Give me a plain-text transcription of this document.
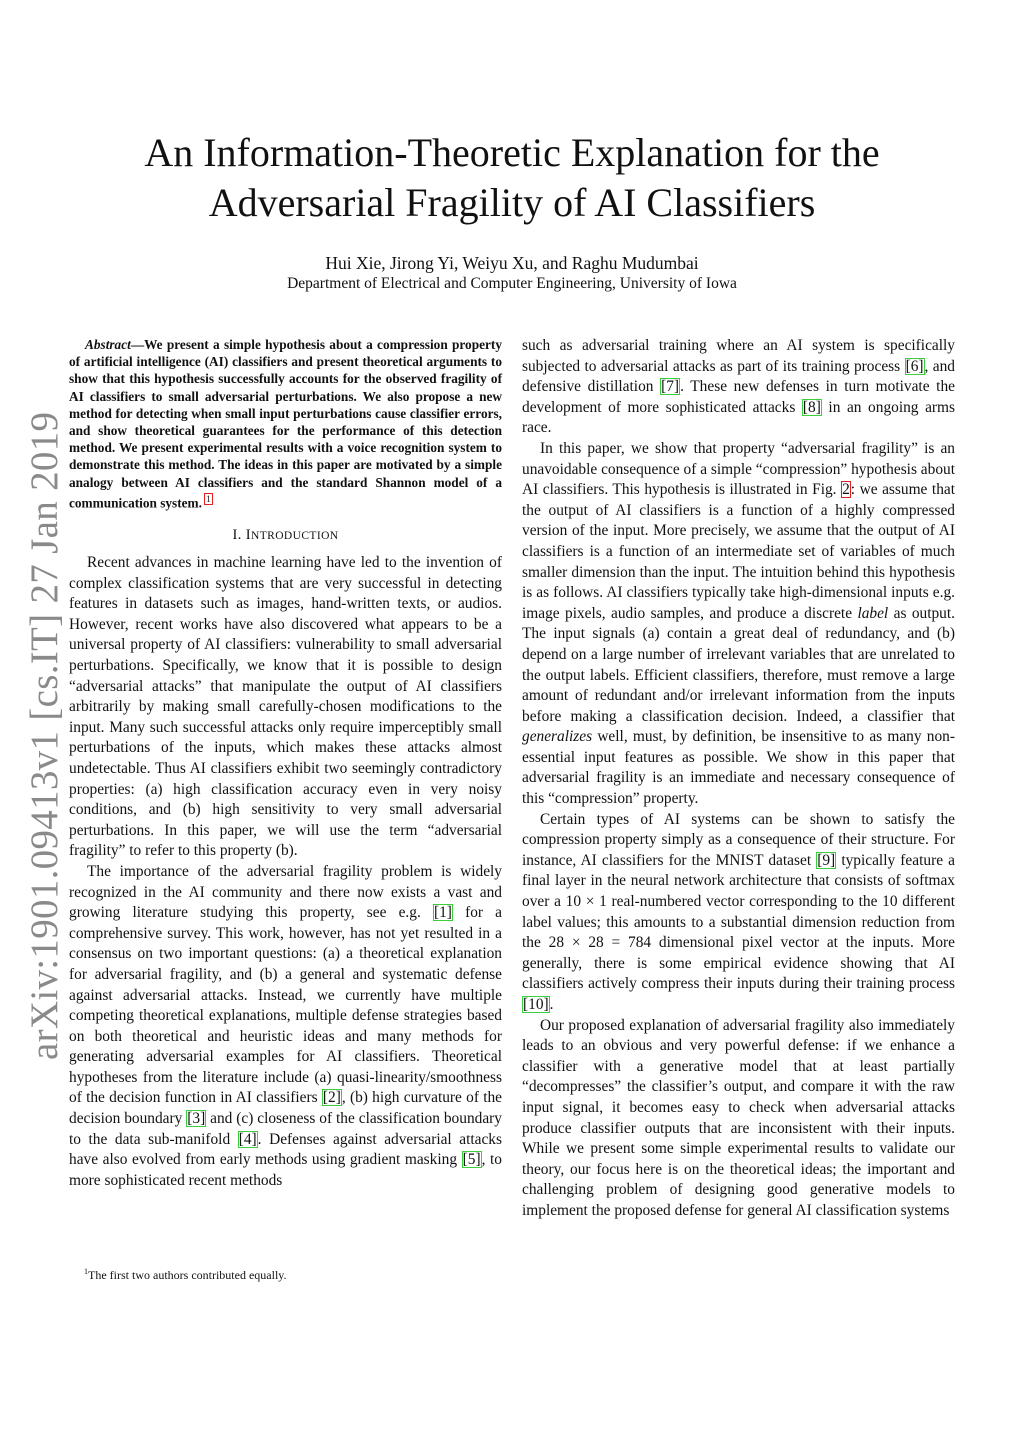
arXiv:1901.09413v1 [cs.IT] 27 Jan 2019
An Information-Theoretic Explanation for the
Adversarial Fragility of AI Classifiers
Hui Xie, Jirong Yi, Weiyu Xu, and Raghu Mudumbai
Department of Electrical and Computer Engineering, University of Iowa

Abstract—We present a simple hypothesis about a compression property of artificial intelligence (AI) classifiers and present theoretical arguments to show that this hypothesis successfully accounts for the observed fragility of AI classifiers to small adversarial perturbations. We also propose a new method for detecting when small input perturbations cause classifier errors, and show theoretical guarantees for the performance of this detection method. We present experimental results with a voice recognition system to demonstrate this method. The ideas in this paper are motivated by a simple analogy between AI classifiers and the standard Shannon model of a communication system. $^1$

I. INTRODUCTION

Recent advances in machine learning have led to the invention of complex classification systems that are very successful in detecting features in datasets such as images, hand-written texts, or audios. However, recent works have also discovered what appears to be a universal property of AI classifiers: vulnerability to small adversarial perturbations. Specifically, we know that it is possible to design “adversarial attacks” that manipulate the output of AI classifiers arbitrarily by making small carefully-chosen modifications to the input. Many such successful attacks only require imperceptibly small perturbations of the inputs, which makes these attacks almost undetectable. Thus AI classifiers exhibit two seemingly contradictory properties: (a) high classification accuracy even in very noisy conditions, and (b) high sensitivity to very small adversarial perturbations. In this paper, we will use the term “adversarial fragility” to refer to this property (b).

The importance of the adversarial fragility problem is widely recognized in the AI community and there now exists a vast and growing literature studying this property, see e.g. [1] for a comprehensive survey. This work, however, has not yet resulted in a consensus on two important questions: (a) a theoretical explanation for adversarial fragility, and (b) a general and systematic defense against adversarial attacks. Instead, we currently have multiple competing theoretical explanations, multiple defense strategies based on both theoretical and heuristic ideas and many methods for generating adversarial examples for AI classifiers. Theoretical hypotheses from the literature include (a) quasi-linearity/smoothness of the decision function in AI classifiers [2], (b) high curvature of the decision boundary [3] and (c) closeness of the classification boundary to the data sub-manifold [4]. Defenses against adversarial attacks have also evolved from early methods using gradient masking [5], to more sophisticated recent methods

such as adversarial training where an AI system is specifically subjected to adversarial attacks as part of its training process [6], and defensive distillation [7]. These new defenses in turn motivate the development of more sophisticated attacks [8] in an ongoing arms race.

In this paper, we show that property “adversarial fragility” is an unavoidable consequence of a simple “compression” hypothesis about AI classifiers. This hypothesis is illustrated in Fig. 2: we assume that the output of AI classifiers is a function of a highly compressed version of the input. More precisely, we assume that the output of AI classifiers is a function of an intermediate set of variables of much smaller dimension than the input. The intuition behind this hypothesis is as follows. AI classifiers typically take high-dimensional inputs e.g. image pixels, audio samples, and produce a discrete label as output. The input signals (a) contain a great deal of redundancy, and (b) depend on a large number of irrelevant variables that are unrelated to the output labels. Efficient classifiers, therefore, must remove a large amount of redundant and/or irrelevant information from the inputs before making a classification decision. Indeed, a classifier that generalizes well, must, by definition, be insensitive to as many non-essential input features as possible. We show in this paper that adversarial fragility is an immediate and necessary consequence of this “compression” property.

Certain types of AI systems can be shown to satisfy the compression property simply as a consequence of their structure. For instance, AI classifiers for the MNIST dataset [9] typically feature a final layer in the neural network architecture that consists of softmax over a 10 × 1 real-numbered vector corresponding to the 10 different label values; this amounts to a substantial dimension reduction from the 28 × 28 = 784 dimensional pixel vector at the inputs. More generally, there is some empirical evidence showing that AI classifiers actively compress their inputs during their training process [10].

Our proposed explanation of adversarial fragility also immediately leads to an obvious and very powerful defense: if we enhance a classifier with a generative model that at least partially “decompresses” the classifier’s output, and compare it with the raw input signal, it becomes easy to check when adversarial attacks produce classifier outputs that are inconsistent with their inputs. While we present some simple experimental results to validate our theory, our focus here is on the theoretical ideas; the important and challenging problem of designing good generative models to implement the proposed defense for general AI classification systems

$^1$The first two authors contributed equally.
